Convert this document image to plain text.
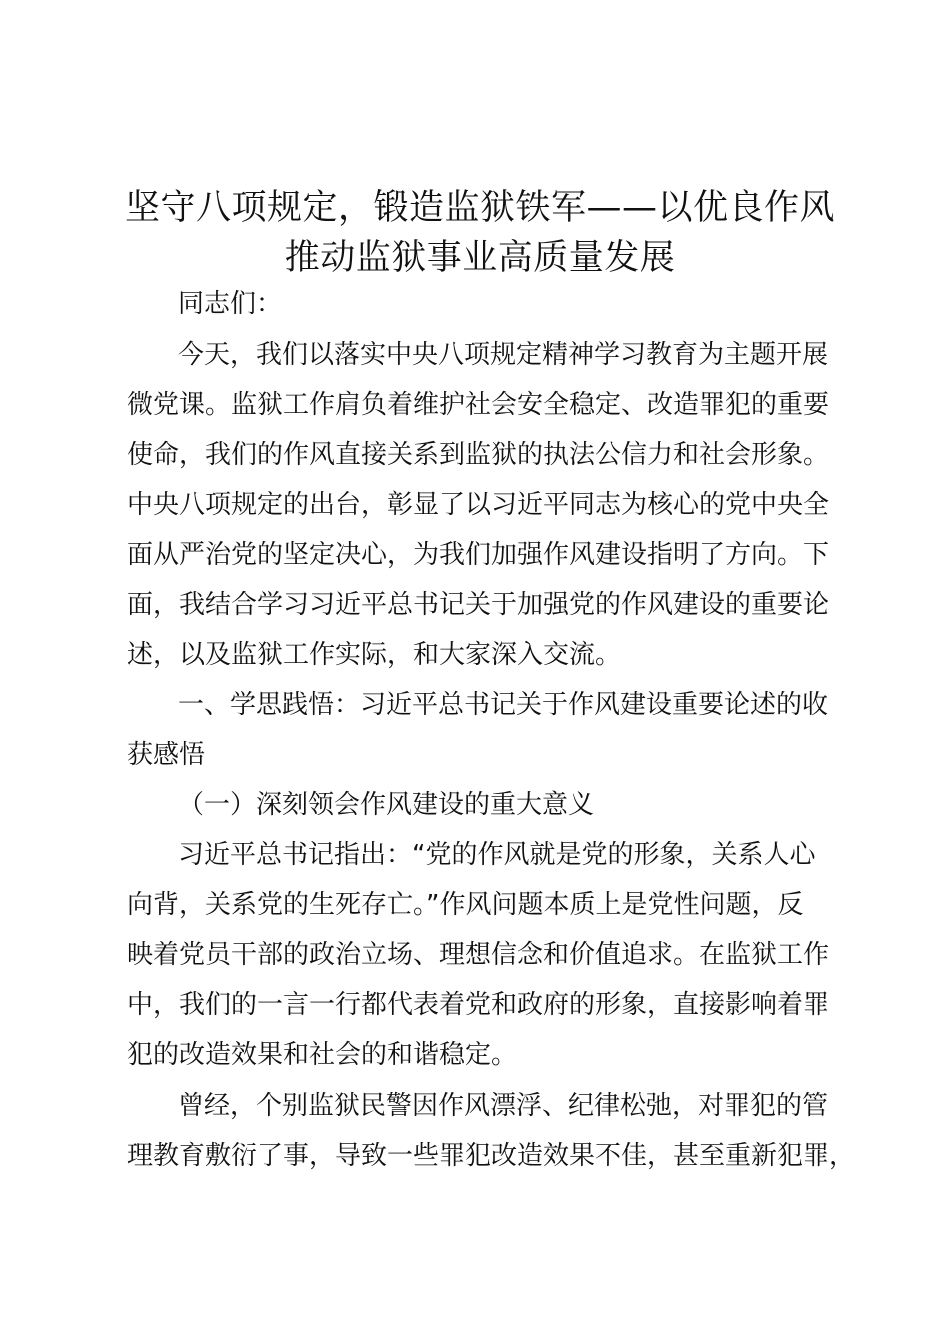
坚守八项规定，锻造监狱铁军——以优良作风
推动监狱事业高质量发展

同志们：

今天，我们以落实中央八项规定精神学习教育为主题开展

微党课。监狱工作肩负着维护社会安全稳定、改造罪犯的重要

使命，我们的作风直接关系到监狱的执法公信力和社会形象。

中央八项规定的出台，彰显了以习近平同志为核心的党中央全

面从严治党的坚定决心，为我们加强作风建设指明了方向。下

面，我结合学习习近平总书记关于加强党的作风建设的重要论

述，以及监狱工作实际，和大家深入交流。

一、学思践悟：习近平总书记关于作风建设重要论述的收

获感悟

（一）深刻领会作风建设的重大意义

习近平总书记指出：“党的作风就是党的形象，关系人心

向背，关系党的生死存亡。”作风问题本质上是党性问题，反

映着党员干部的政治立场、理想信念和价值追求。在监狱工作

中，我们的一言一行都代表着党和政府的形象，直接影响着罪

犯的改造效果和社会的和谐稳定。

曾经，个别监狱民警因作风漂浮、纪律松弛，对罪犯的管

理教育敷衍了事，导致一些罪犯改造效果不佳，甚至重新犯罪，
